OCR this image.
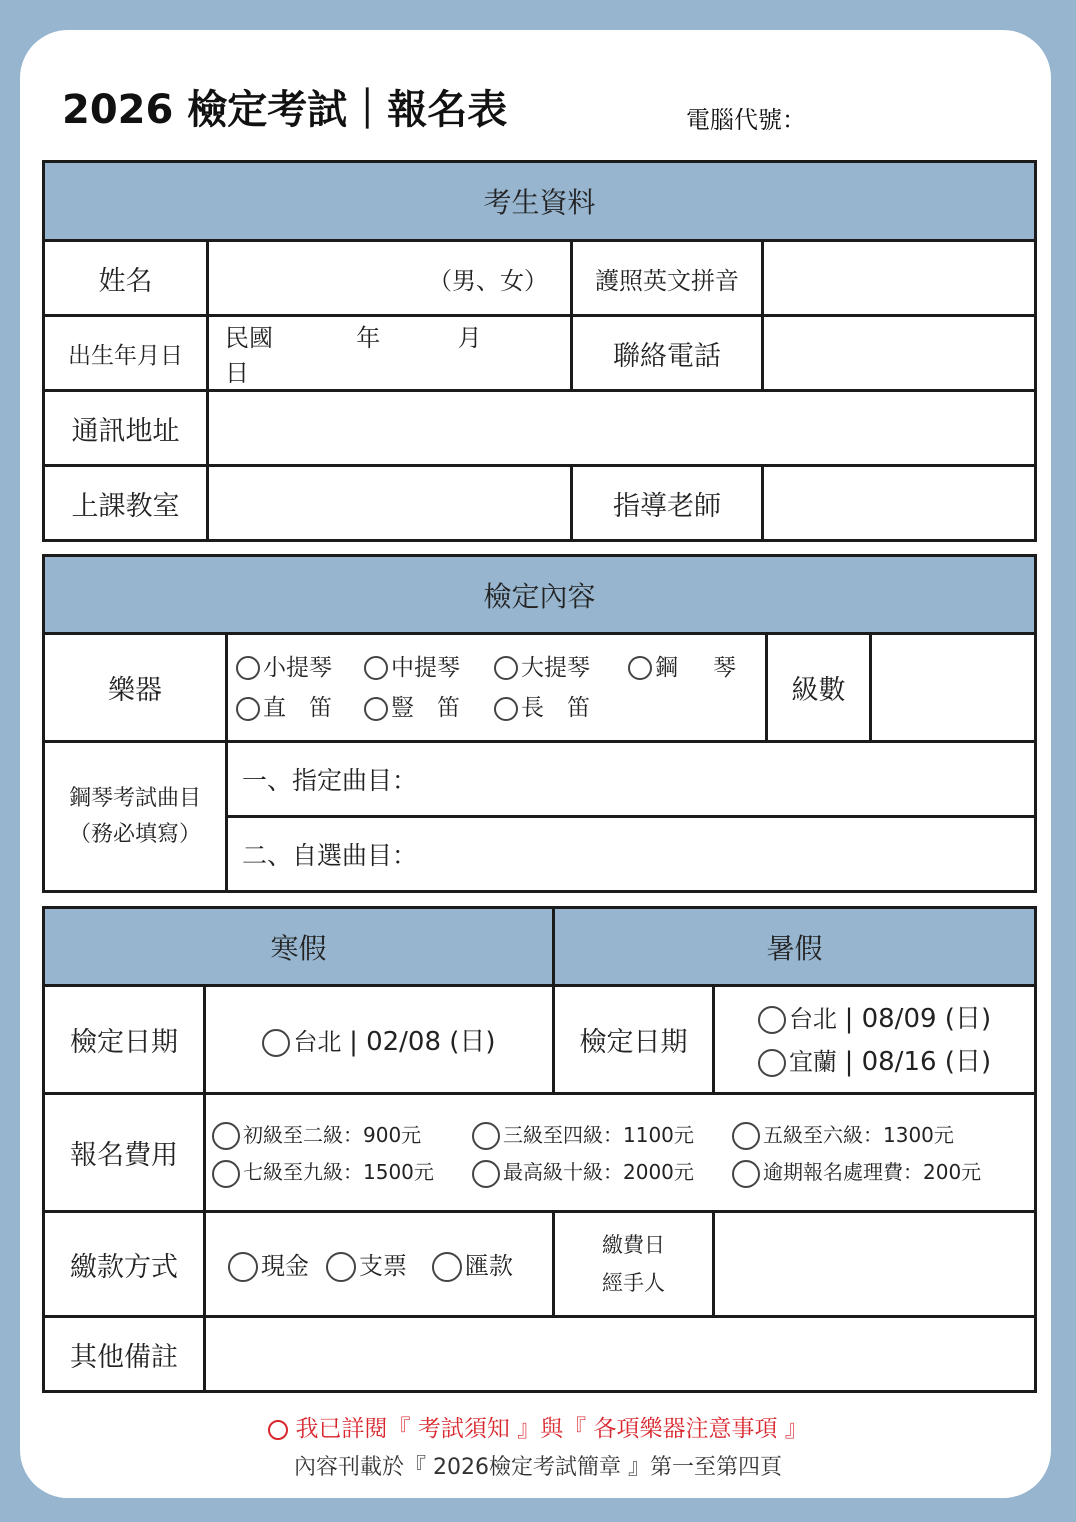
2026 檢定考試｜報名表	電腦代號：
考生資料			
姓名	（男、女）	護照英文拼音	
出生年月日	民國 年 月  日	聯絡電話	
通訊地址			
上課教室		指導老師	
檢定內容			
樂器	小提琴 中提琴 大提琴 鋼　琴
直　笛 豎　笛 長　笛	級數	

鋼琴考試曲目
（務必填寫）	一、指定曲目：		
	二、自選曲目：		
寒假		暑假	
檢定日期	台北 | 02/08 (日)	檢定日期	台北 | 08/09 (日)
宜蘭 | 08/16 (日)

報名費用	初級至二級：900元 三級至四級：1100元 五級至六級：1300元
七級至九級：1500元 最高級十級：2000元 逾期報名處理費：200元		

繳款方式	現金 支票 匯款	繳費日
經手人	

其他備註			
我已詳閱『 考試須知 』與『 各項樂器注意事項 』
內容刊載於『 2026檢定考試簡章 』第一至第四頁
